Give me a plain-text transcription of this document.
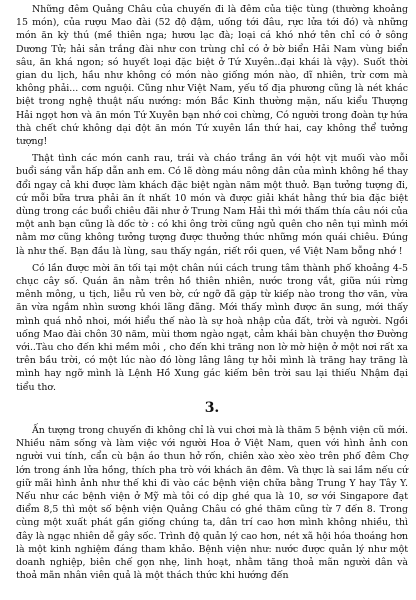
Những đêm Quảng Châu của chuyến đi là đêm của tiệc tùng (thường khoảng 15 món), của rượu Mao đài (52 độ đậm, uống tới đâu, rực lửa tới đó) và những món ăn kỳ thú (mề thiên nga; hươu lạc đà; loại cá khó nhớ tên chỉ có ở sông Dương Tử; hải sản trắng đài như con trùng chỉ có ở bờ biển Hải Nam vùng biển sâu, ăn khá ngon; só huyết loại đặc biệt ở Tứ Xuyên..đại khái là vậy). Suốt thời gian du lịch, hầu như không có món nào giống món nào, dĩ nhiên, trừ cơm mà không phải... cơm nguội. Cũng như Việt Nam, yếu tố địa phương cũng là nét khác biệt trong nghệ thuật nấu nướng: món Bắc Kinh thường mặn, nấu kiểu Thượng Hải ngọt hơn và ăn món Tứ Xuyên bạn nhớ coi chừng, Có người trong đoàn tự hứa thà chết chứ không dại đột ăn món Tứ xuyên lần thứ hai, cay không thể tưởng tượng!

Thật tình các món canh rau, trái và cháo trắng ăn với hột vịt muối vào mỗi buổi sáng vẫn hấp dẫn anh em. Có lẽ dòng máu nông dân của mình không hề thay đổi ngay cả khi được làm khách đặc biệt ngàn năm một thuở. Bạn tưởng tượng đi, cứ mỗi bữa trưa phải ăn ít nhất 10 món và được giải khát hằng thứ bia đặc biệt dùng trong các buổi chiêu đãi như ở Trung Nam Hải thì mới thấm thía câu nói của một anh bạn cũng là dốc tờ : có khi ông trời cũng ngủ quên cho nên tụi mình mới nằm mơ cũng không tưởng tượng được thưởng thức những món quái chiêu. Đúng là như thế. Bạn đầu là lùng, sau thấy ngán, riết rồi quen, về Việt Nam bỗng nhớ !

Có lần được mời ăn tối tại một chân núi cách trung tâm thành phố khoảng 4-5 chục cây số. Quán ăn nằm trên hồ thiên nhiên, nước trong vắt, giữa núi rừng mênh mông, u tịch, liễu rủ ven bờ, cứ ngỡ đã gặp từ kiếp nào trong thơ văn, vừa ăn vừa ngắm nhìn sương khói lãng đãng. Mới thấy mình được ăn sung, mới thấy mình quá nhỏ nhoi, mới hiểu thế nào là sự hoà nhập của đất, trời và người. Ngồi uống Mao đài chôn 30 năm, mùi thơm ngào ngạt, cảm khái bàn chuyện thơ Đường với..Tàu cho đến khi mềm môi , cho đến khi trăng non lờ mờ hiện ở một nơi rất xa trên bầu trời, có một lúc nào đó lòng lâng lâng tự hỏi mình là trăng hay trăng là mình hay ngỡ mình là Lệnh Hồ Xung gác kiếm bên trời sau lại thiếu Nhậm đại tiểu thơ.

3.

Ấn tượng trong chuyến đi không chỉ là vui chơi mà là thăm 5 bệnh viện cũ mới. Nhiều năm sống và làm việc với người Hoa ở Việt Nam, quen với hình ảnh con người vui tính, cẩn cù bận áo thun hở rốn, chiên xào xèo xèo trên phố đêm Chợ lớn trong ánh lửa hồng, thích pha trò với khách ăn đêm. Và thực là sai lầm nếu cứ giữ mãi hình ảnh như thế khi đi vào các bệnh viện chữa bằng Trung Y hay Tây Y. Nếu như các bệnh viện ở Mỹ mà tôi có dịp ghé qua là 10, sơ với Singapore đạt điểm 8,5 thì một số bệnh viện Quảng Châu có ghé thăm cũng từ 7 đến 8. Trong cùng một xuất phát gần giống chúng ta, dân trí cao hơn mình không nhiều, thì đây là ngạc nhiên dễ gây sốc. Trình độ quản lý cao hơn, nét xã hội hóa thoáng hơn là một kinh nghiệm đáng tham khảo. Bệnh viện như: nước được quản lý như một doanh nghiệp, biên chế gọn nhẹ, linh hoạt, nhằm tăng thoả mãn người dân và thoả mãn nhân viên quả là một thách thức khi hướng đến
